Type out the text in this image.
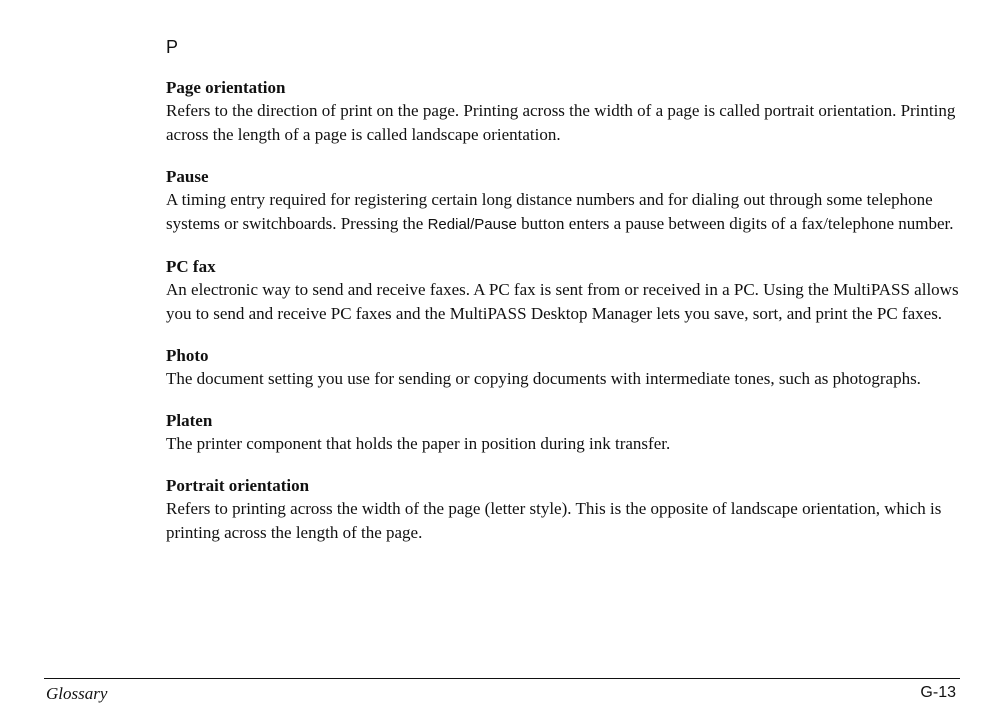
P

Page orientation

Refers to the direction of print on the page. Printing across the width of a page is called portrait orientation. Printing across the length of a page is called landscape orientation.

Pause

A timing entry required for registering certain long distance numbers and for dialing out through some telephone systems or switchboards. Pressing the Redial/Pause button enters a pause between digits of a fax/telephone number.

PC fax

An electronic way to send and receive faxes. A PC fax is sent from or received in a PC. Using the MultiPASS allows you to send and receive PC faxes and the MultiPASS Desktop Manager lets you save, sort, and print the PC faxes.

Photo

The document setting you use for sending or copying documents with intermediate tones, such as photographs.

Platen

The printer component that holds the paper in position during ink transfer.

Portrait orientation

Refers to printing across the width of the page (letter style). This is the opposite of landscape orientation, which is printing across the length of the page.

Glossary	G-13
